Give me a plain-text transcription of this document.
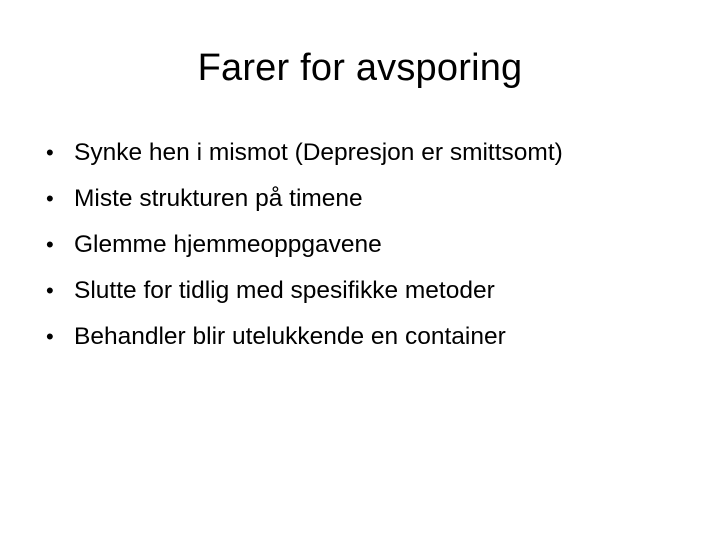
Farer for avsporing
• Synke hen i mismot (Depresjon er smittsomt)
• Miste strukturen på timene
• Glemme hjemmeoppgavene
• Slutte for tidlig med spesifikke metoder
• Behandler blir utelukkende en container
